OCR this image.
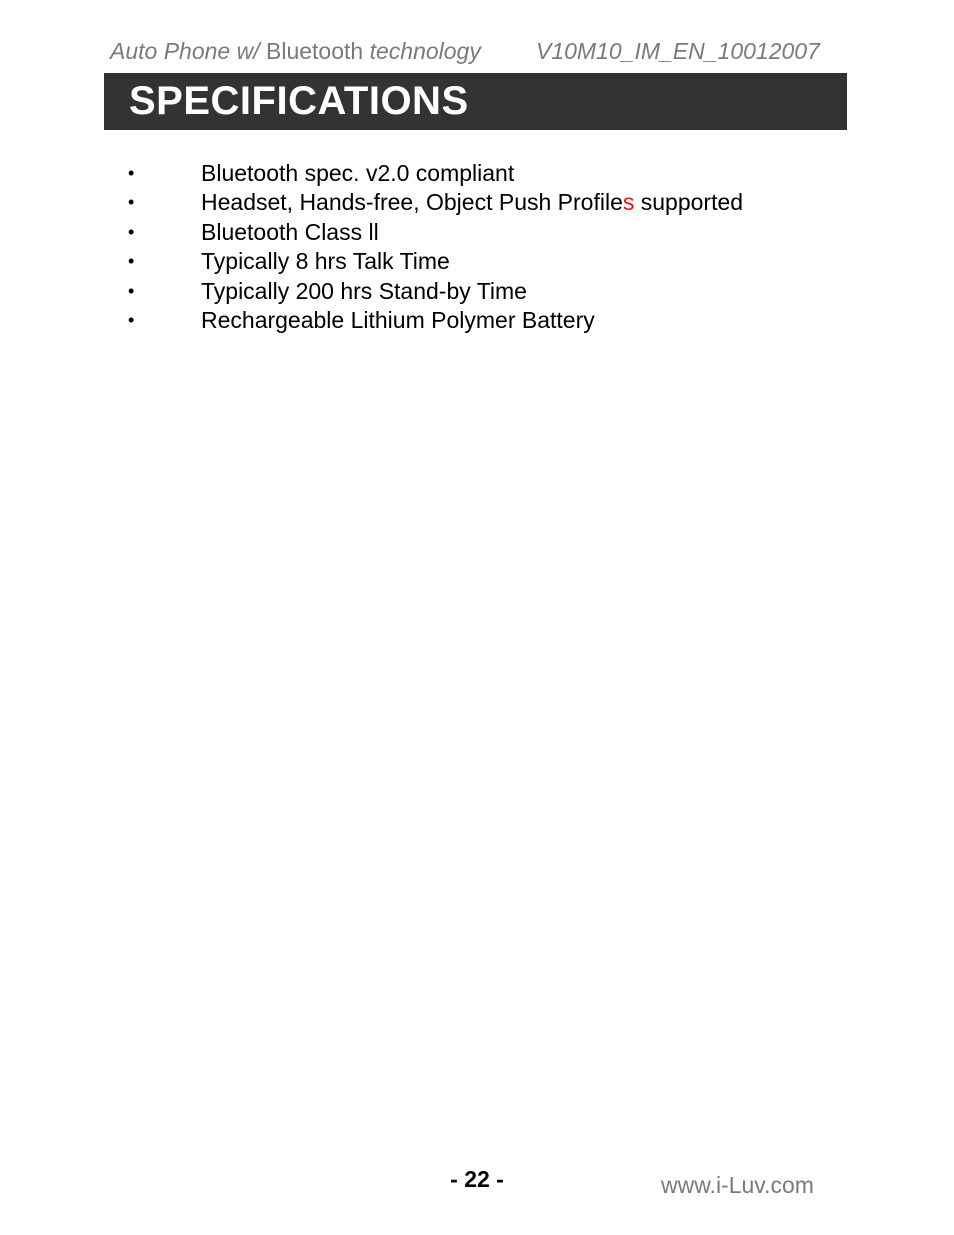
Auto Phone w/ Bluetooth technology V10M10_IM_EN_10012007
SPECIFICATIONS
•	Bluetooth spec. v2.0 compliant
•	Headset, Hands-free, Object Push Profiles supported
•	Bluetooth Class ll
•	Typically 8 hrs Talk Time
•	Typically 200 hrs Stand-by Time
•	Rechargeable Lithium Polymer Battery
- 22 -	www.i-Luv.com
